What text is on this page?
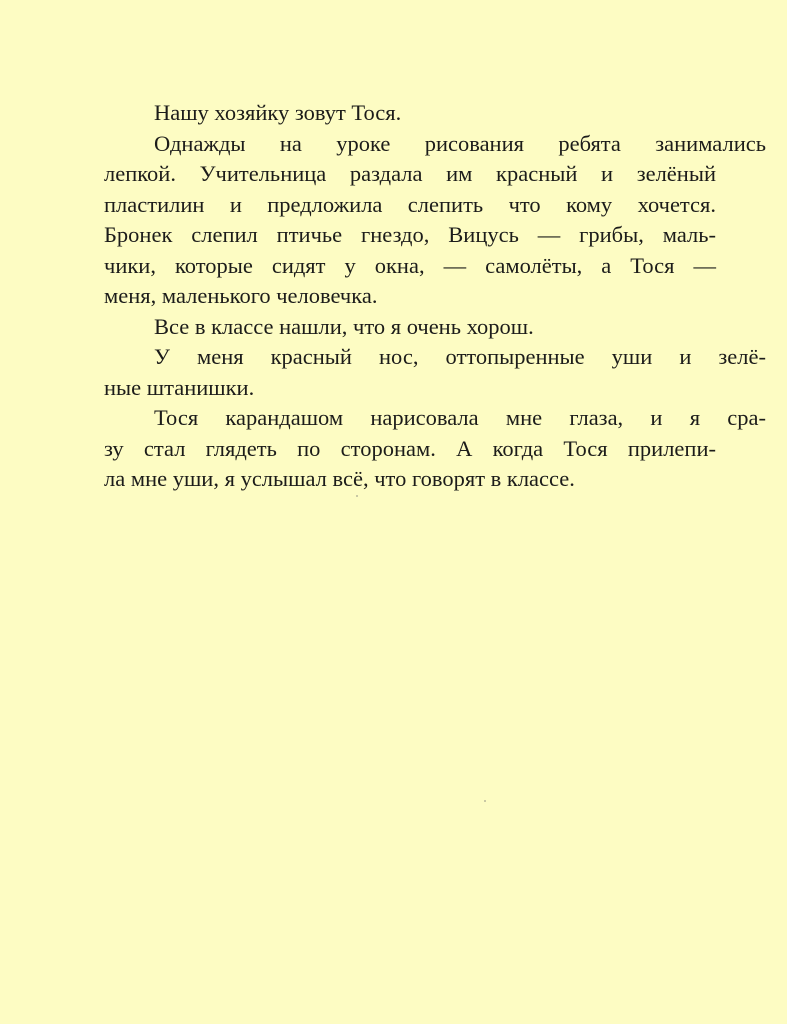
Нашу хозяйку зовут Тося.
Однажды на уроке рисования ребята занимались
лепкой. Учительница раздала им красный и зелёный
пластилин и предложила слепить что кому хочется.
Бронек слепил птичье гнездо, Вицусь — грибы, маль-
чики, которые сидят у окна, — самолёты, а Тося —
меня, маленького человечка.
Все в классе нашли, что я очень хорош.
У меня красный нос, оттопыренные уши и зелё-
ные штанишки.
Тося карандашом нарисовала мне глаза, и я сра-
зу стал глядеть по сторонам. А когда Тося прилепи-
ла мне уши, я услышал всё, что говорят в классе.
